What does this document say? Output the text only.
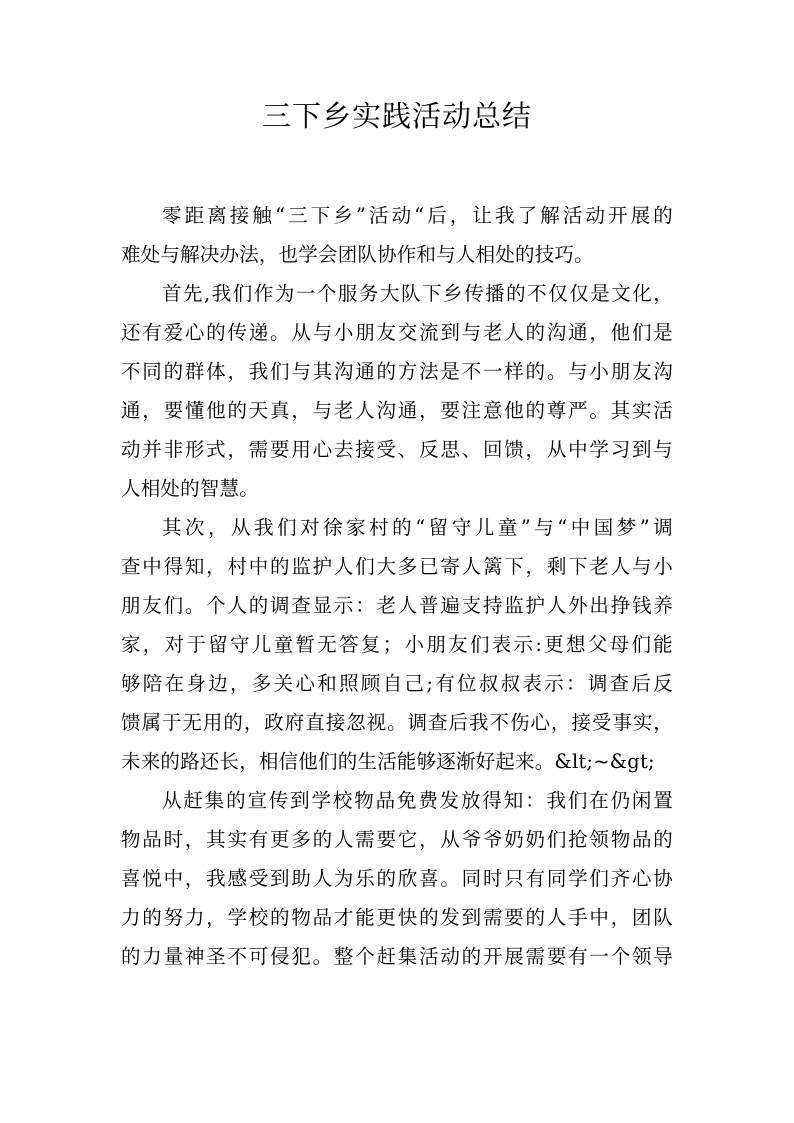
三下乡实践活动总结
零距离接触“三下乡”活动“后，让我了解活动开展的
难处与解决办法，也学会团队协作和与人相处的技巧。
首先,我们作为一个服务大队下乡传播的不仅仅是文化，
还有爱心的传递。从与小朋友交流到与老人的沟通，他们是
不同的群体，我们与其沟通的方法是不一样的。与小朋友沟
通，要懂他的天真，与老人沟通，要注意他的尊严。其实活
动并非形式，需要用心去接受、反思、回馈，从中学习到与
人相处的智慧。
其次，从我们对徐家村的“留守儿童”与“中国梦”调
查中得知，村中的监护人们大多已寄人篱下，剩下老人与小
朋友们。个人的调查显示：老人普遍支持监护人外出挣钱养
家，对于留守儿童暂无答复；小朋友们表示:更想父母们能
够陪在身边，多关心和照顾自己;有位叔叔表示：调查后反
馈属于无用的，政府直接忽视。调查后我不伤心，接受事实，
未来的路还长，相信他们的生活能够逐渐好起来。&lt;~&gt;
从赶集的宣传到学校物品免费发放得知：我们在仍闲置
物品时，其实有更多的人需要它，从爷爷奶奶们抢领物品的
喜悦中，我感受到助人为乐的欣喜。同时只有同学们齐心协
力的努力，学校的物品才能更快的发到需要的人手中，团队
的力量神圣不可侵犯。整个赶集活动的开展需要有一个领导
